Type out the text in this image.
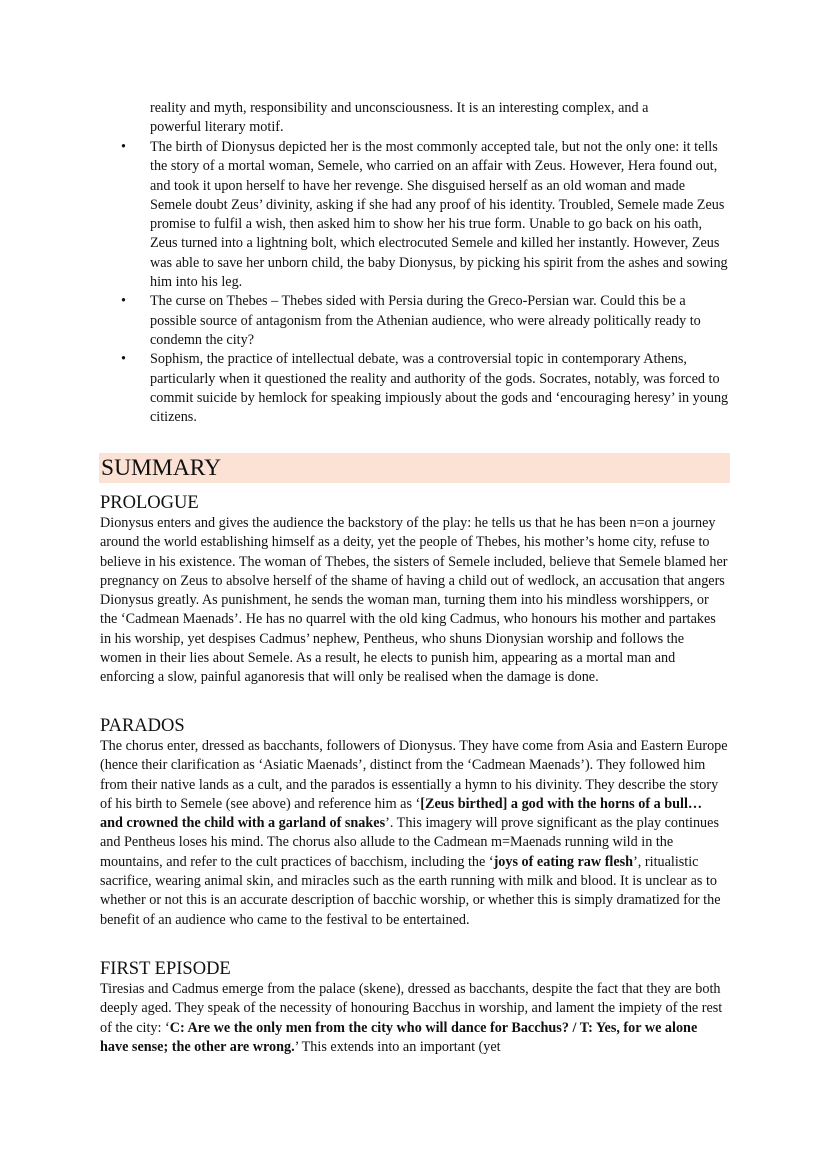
reality and myth, responsibility and unconsciousness. It is an interesting complex, and a
powerful literary motif.

• The birth of Dionysus depicted her is the most commonly accepted tale, but not the only one: it tells the story of a mortal woman, Semele, who carried on an affair with Zeus. However, Hera found out, and took it upon herself to have her revenge. She disguised herself as an old woman and made Semele doubt Zeus’ divinity, asking if she had any proof of his identity. Troubled, Semele made Zeus promise to fulfil a wish, then asked him to show her his true form. Unable to go back on his oath, Zeus turned into a lightning bolt, which electrocuted Semele and killed her instantly. However, Zeus was able to save her unborn child, the baby Dionysus, by picking his spirit from the ashes and sowing him into his leg.
• The curse on Thebes – Thebes sided with Persia during the Greco-Persian war. Could this be a possible source of antagonism from the Athenian audience, who were already politically ready to condemn the city?
• Sophism, the practice of intellectual debate, was a controversial topic in contemporary Athens, particularly when it questioned the reality and authority of the gods. Socrates, notably, was forced to commit suicide by hemlock for speaking impiously about the gods and ‘encouraging heresy’ in young citizens.
SUMMARY
PROLOGUE

Dionysus enters and gives the audience the backstory of the play: he tells us that he has been n=on a journey around the world establishing himself as a deity, yet the people of Thebes, his mother’s home city, refuse to believe in his existence. The woman of Thebes, the sisters of Semele included, believe that Semele blamed her pregnancy on Zeus to absolve herself of the shame of having a child out of wedlock, an accusation that angers Dionysus greatly. As punishment, he sends the woman man, turning them into his mindless worshippers, or the ‘Cadmean Maenads’. He has no quarrel with the old king Cadmus, who honours his mother and partakes in his worship, yet despises Cadmus’ nephew, Pentheus, who shuns Dionysian worship and follows the women in their lies about Semele. As a result, he elects to punish him, appearing as a mortal man and enforcing a slow, painful aganoresis that will only be realised when the damage is done.

PARADOS

The chorus enter, dressed as bacchants, followers of Dionysus. They have come from Asia and Eastern Europe (hence their clarification as ‘Asiatic Maenads’, distinct from the ‘Cadmean Maenads’). They followed him from their native lands as a cult, and the parados is essentially a hymn to his divinity. They describe the story of his birth to Semele (see above) and reference him as ‘[Zeus birthed] a god with the horns of a bull… and crowned the child with a garland of snakes’. This imagery will prove significant as the play continues and Pentheus loses his mind. The chorus also allude to the Cadmean m=Maenads running wild in the mountains, and refer to the cult practices of bacchism, including the ‘joys of eating raw flesh’, ritualistic sacrifice, wearing animal skin, and miracles such as the earth running with milk and blood. It is unclear as to whether or not this is an accurate description of bacchic worship, or whether this is simply dramatized for the benefit of an audience who came to the festival to be entertained.

FIRST EPISODE

Tiresias and Cadmus emerge from the palace (skene), dressed as bacchants, despite the fact that they are both deeply aged. They speak of the necessity of honouring Bacchus in worship, and lament the impiety of the rest of the city: ‘C: Are we the only men from the city who will dance for Bacchus? / T: Yes, for we alone have sense; the other are wrong.’ This extends into an important (yet
